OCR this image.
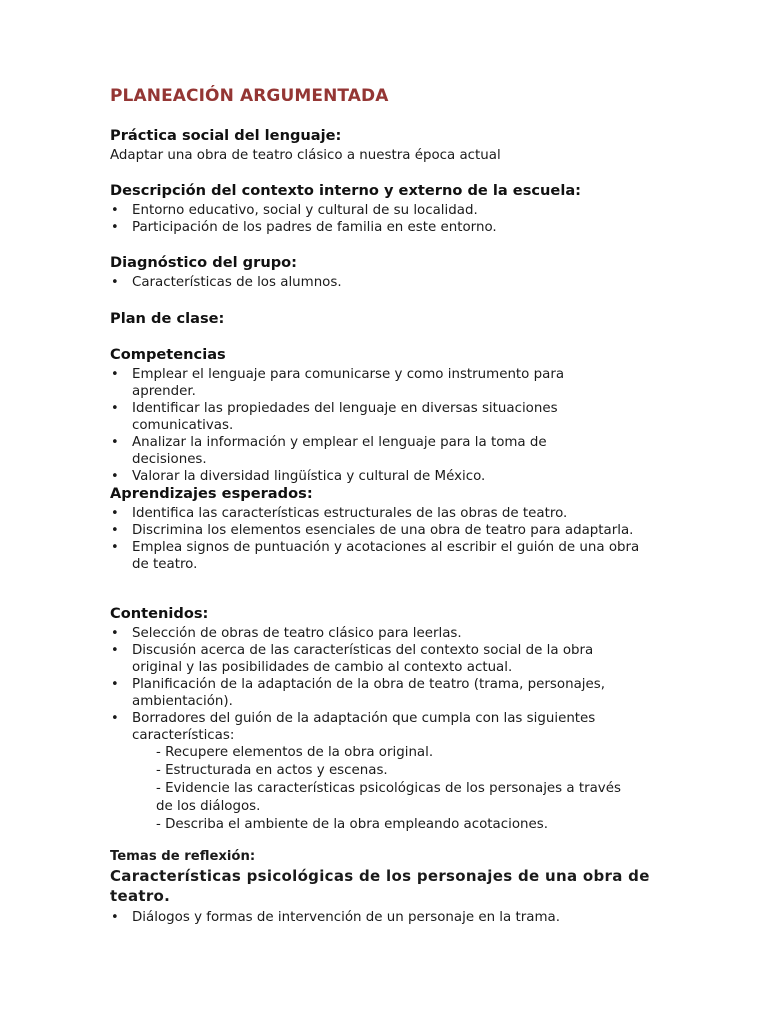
PLANEACIÓN ARGUMENTADA

Práctica social del lenguaje:

Adaptar una obra de teatro clásico a nuestra época actual

Descripción del contexto interno y externo de la escuela:

• Entorno educativo, social y cultural de su localidad.
• Participación de los padres de familia en este entorno.

Diagnóstico del grupo:

• Características de los alumnos.

Plan de clase:

Competencias

• Emplear el lenguaje para comunicarse y como instrumento para aprender.
• Identificar las propiedades del lenguaje en diversas situaciones comunicativas.
• Analizar la información y emplear el lenguaje para la toma de decisiones.
• Valorar la diversidad lingüística y cultural de México.

Aprendizajes esperados:

• Identifica las características estructurales de las obras de teatro.
• Discrimina los elementos esenciales de una obra de teatro para adaptarla.
• Emplea signos de puntuación y acotaciones al escribir el guión de una obra de teatro.

Contenidos:

• Selección de obras de teatro clásico para leerlas.
• Discusión acerca de las características del contexto social de la obra original y las posibilidades de cambio al contexto actual.
• Planificación de la adaptación de la obra de teatro (trama, personajes, ambientación).
• Borradores del guión de la adaptación que cumpla con las siguientes características:

- Recupere elementos de la obra original.

- Estructurada en actos y escenas.

- Evidencie las características psicológicas de los personajes a través

de los diálogos.

- Describa el ambiente de la obra empleando acotaciones.

Temas de reflexión:

Características psicológicas de los personajes de una obra de teatro.

• Diálogos y formas de intervención de un personaje en la trama.
